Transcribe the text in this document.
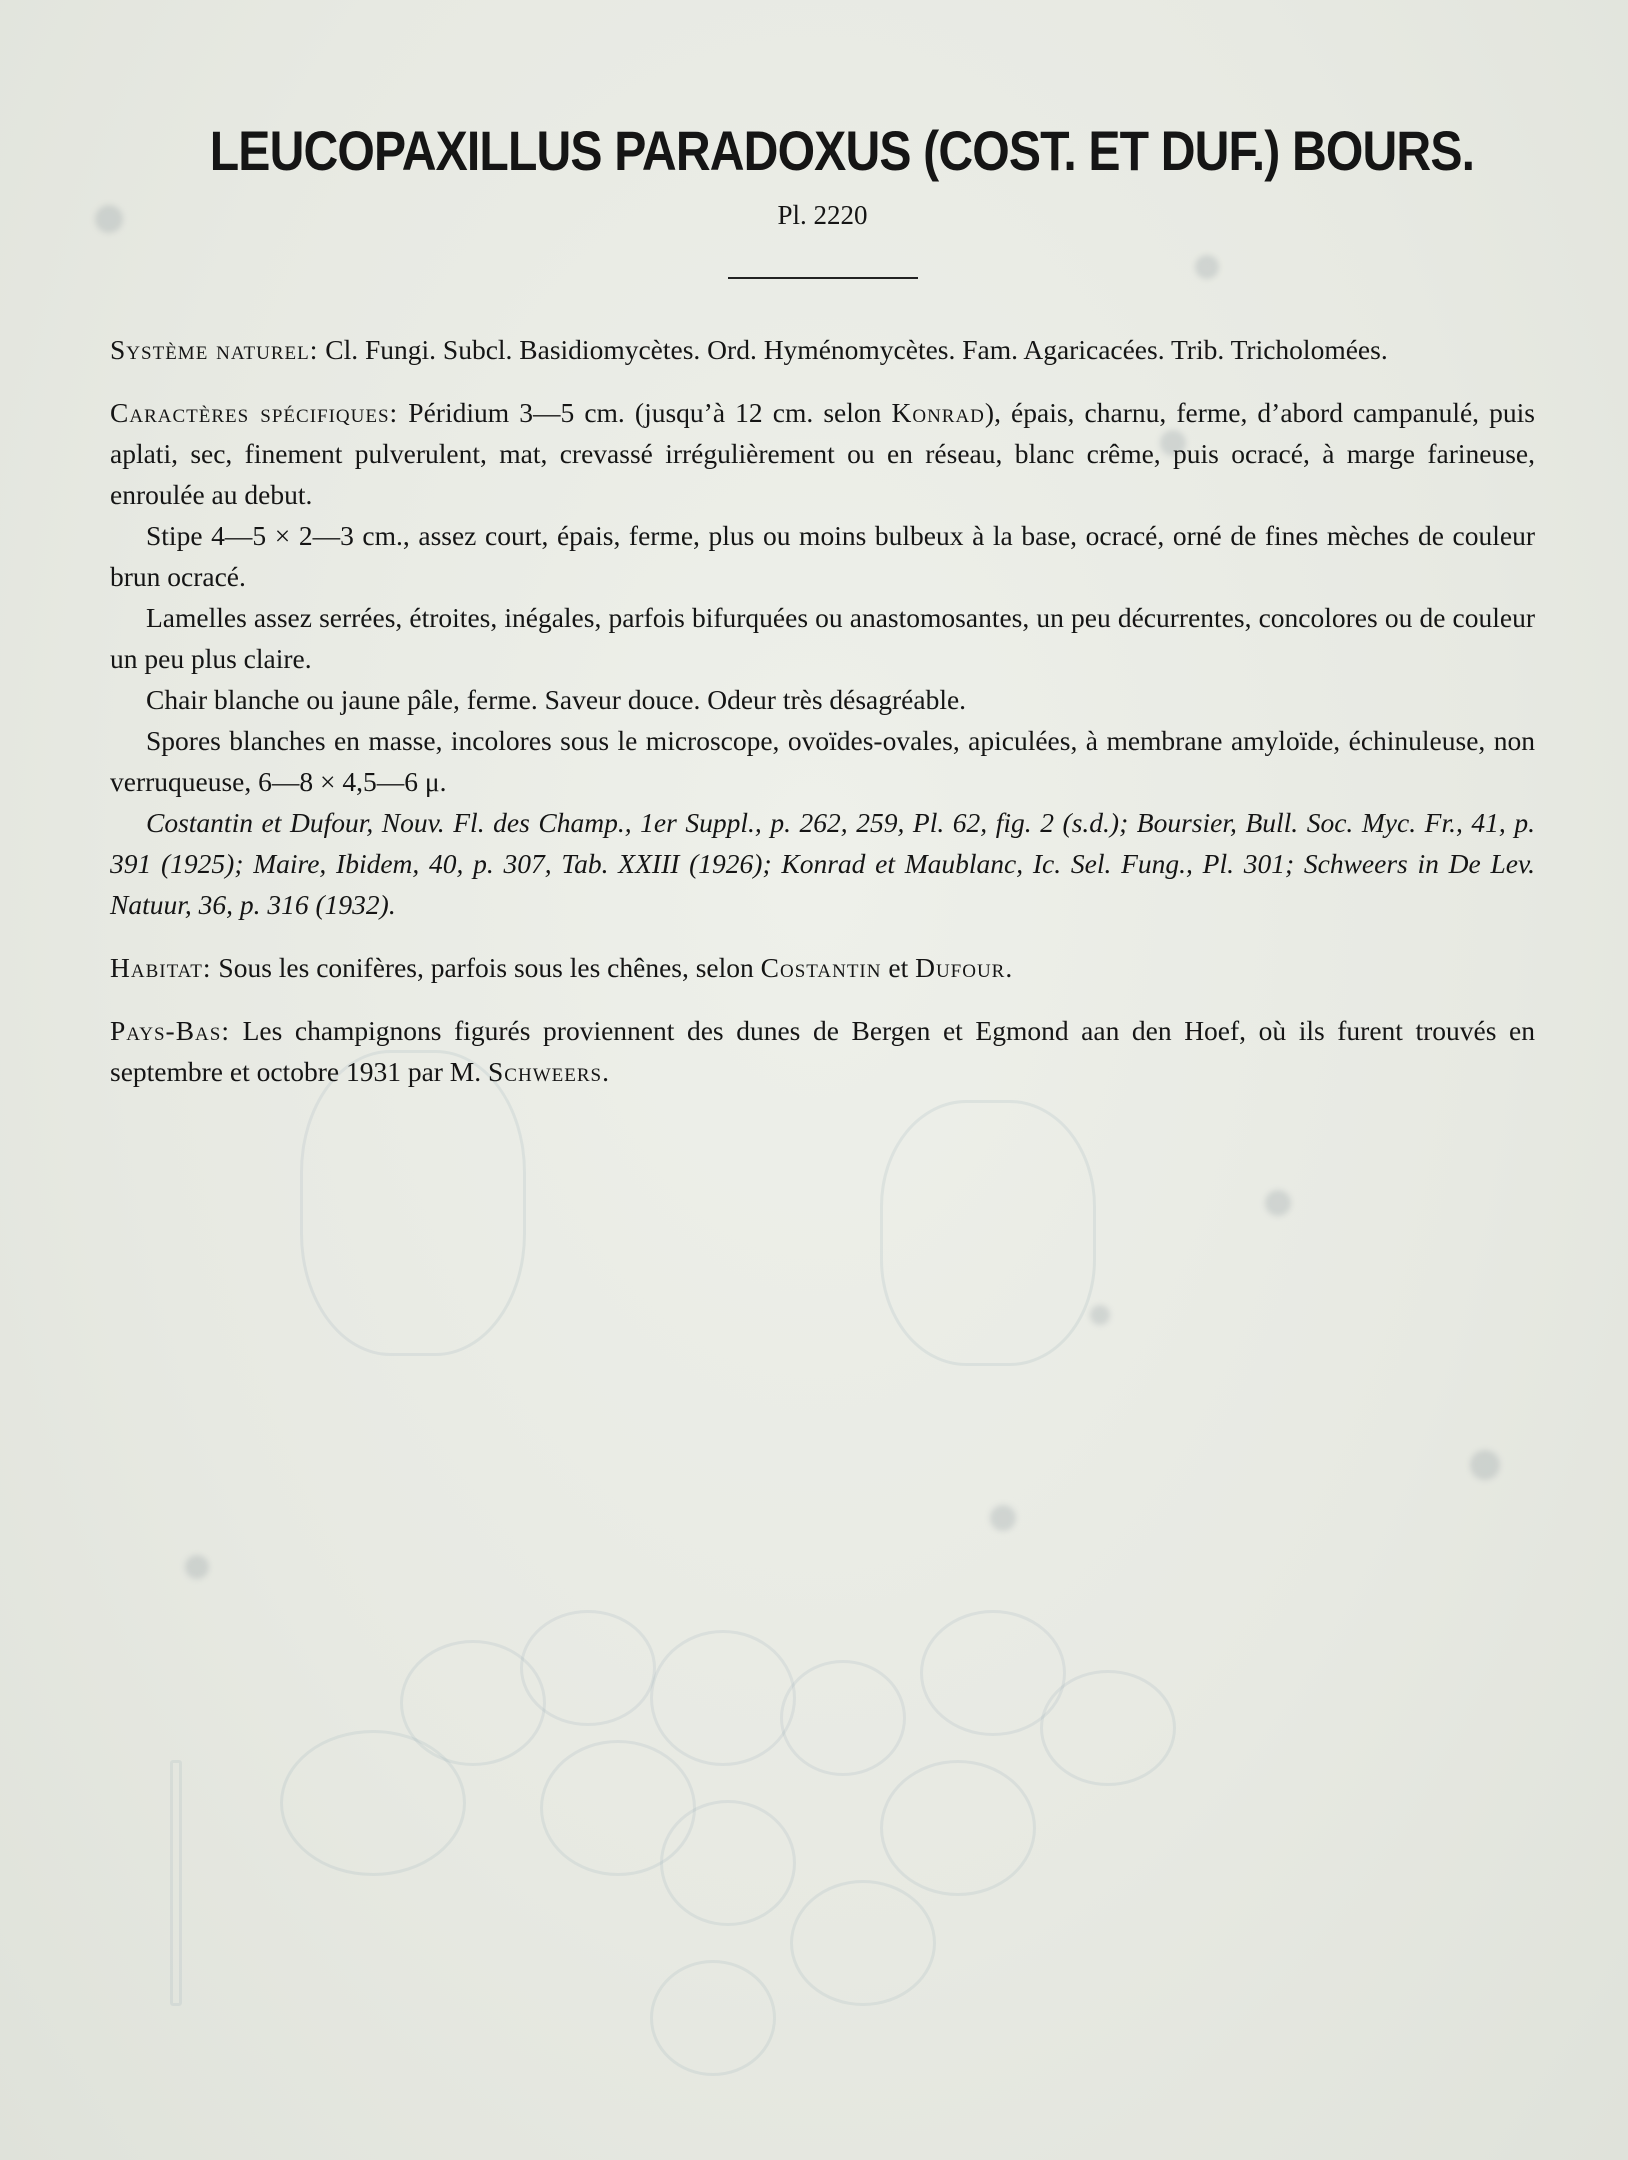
LEUCOPAXILLUS PARADOXUS (COST. ET DUF.) BOURS.
Pl. 2220

Système naturel: Cl. Fungi. Subcl. Basidiomycètes. Ord. Hyménomycètes. Fam. Agaricacées. Trib. Tricholomées.

Caractères spécifiques: Péridium 3—5 cm. (jusqu’à 12 cm. selon Konrad), épais, charnu, ferme, d’abord campanulé, puis aplati, sec, finement pulverulent, mat, crevassé irrégulièrement ou en réseau, blanc crême, puis ocracé, à marge farineuse, enroulée au debut.

Stipe 4—5 × 2—3 cm., assez court, épais, ferme, plus ou moins bulbeux à la base, ocracé, orné de fines mèches de couleur brun ocracé.

Lamelles assez serrées, étroites, inégales, parfois bifurquées ou anastomosantes, un peu décurrentes, concolores ou de couleur un peu plus claire.

Chair blanche ou jaune pâle, ferme. Saveur douce. Odeur très désagréable.

Spores blanches en masse, incolores sous le microscope, ovoïdes-ovales, apiculées, à membrane amyloïde, échinuleuse, non verruqueuse, 6—8 × 4,5—6 μ.

Costantin et Dufour, Nouv. Fl. des Champ., 1er Suppl., p. 262, 259, Pl. 62, fig. 2 (s.d.); Boursier, Bull. Soc. Myc. Fr., 41, p. 391 (1925); Maire, Ibidem, 40, p. 307, Tab. XXIII (1926); Konrad et Maublanc, Ic. Sel. Fung., Pl. 301; Schweers in De Lev. Natuur, 36, p. 316 (1932).

Habitat: Sous les conifères, parfois sous les chênes, selon Costantin et Dufour.

Pays-Bas: Les champignons figurés proviennent des dunes de Bergen et Egmond aan den Hoef, où ils furent trouvés en septembre et octobre 1931 par M. Schweers.
